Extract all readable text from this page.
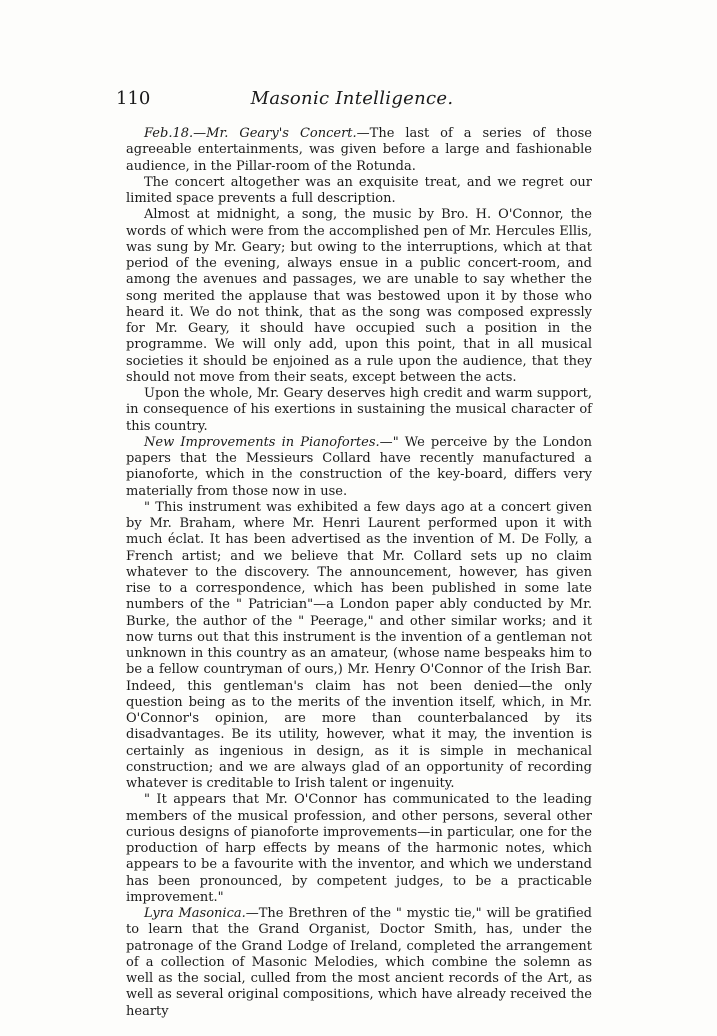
110	Masonic Intelligence.

Feb.18.—Mr. Geary's Concert.—The last of a series of those agreeable entertainments, was given before a large and fashionable audience, in the Pillar-room of the Rotunda.

The concert altogether was an exquisite treat, and we regret our limited space prevents a full description.

Almost at midnight, a song, the music by Bro. H. O'Connor, the words of which were from the accomplished pen of Mr. Hercules Ellis, was sung by Mr. Geary; but owing to the interruptions, which at that period of the evening, always ensue in a public concert-room, and among the avenues and passages, we are unable to say whether the song merited the applause that was bestowed upon it by those who heard it. We do not think, that as the song was composed expressly for Mr. Geary, it should have occupied such a position in the programme. We will only add, upon this point, that in all musical societies it should be enjoined as a rule upon the audience, that they should not move from their seats, except between the acts.

Upon the whole, Mr. Geary deserves high credit and warm support, in consequence of his exertions in sustaining the musical character of this country.

New Improvements in Pianofortes.—" We perceive by the London papers that the Messieurs Collard have recently manufactured a pianoforte, which in the construction of the key-board, differs very materially from those now in use.

" This instrument was exhibited a few days ago at a concert given by Mr. Braham, where Mr. Henri Laurent performed upon it with much éclat. It has been advertised as the invention of M. De Folly, a French artist; and we believe that Mr. Collard sets up no claim whatever to the discovery. The announcement, however, has given rise to a correspondence, which has been published in some late numbers of the " Patrician"—a London paper ably conducted by Mr. Burke, the author of the " Peerage," and other similar works; and it now turns out that this instrument is the invention of a gentleman not unknown in this country as an amateur, (whose name bespeaks him to be a fellow countryman of ours,) Mr. Henry O'Connor of the Irish Bar. Indeed, this gentleman's claim has not been denied—the only question being as to the merits of the invention itself, which, in Mr. O'Connor's opinion, are more than counterbalanced by its disadvantages. Be its utility, however, what it may, the invention is certainly as ingenious in design, as it is simple in mechanical construction; and we are always glad of an opportunity of recording whatever is creditable to Irish talent or ingenuity.

" It appears that Mr. O'Connor has communicated to the leading members of the musical profession, and other persons, several other curious designs of pianoforte improvements—in particular, one for the production of harp effects by means of the harmonic notes, which appears to be a favourite with the inventor, and which we understand has been pronounced, by competent judges, to be a practicable improvement."

Lyra Masonica.—The Brethren of the " mystic tie," will be gratified to learn that the Grand Organist, Doctor Smith, has, under the patronage of the Grand Lodge of Ireland, completed the arrangement of a collection of Masonic Melodies, which combine the solemn as well as the social, culled from the most ancient records of the Art, as well as several original compositions, which have already received the hearty
